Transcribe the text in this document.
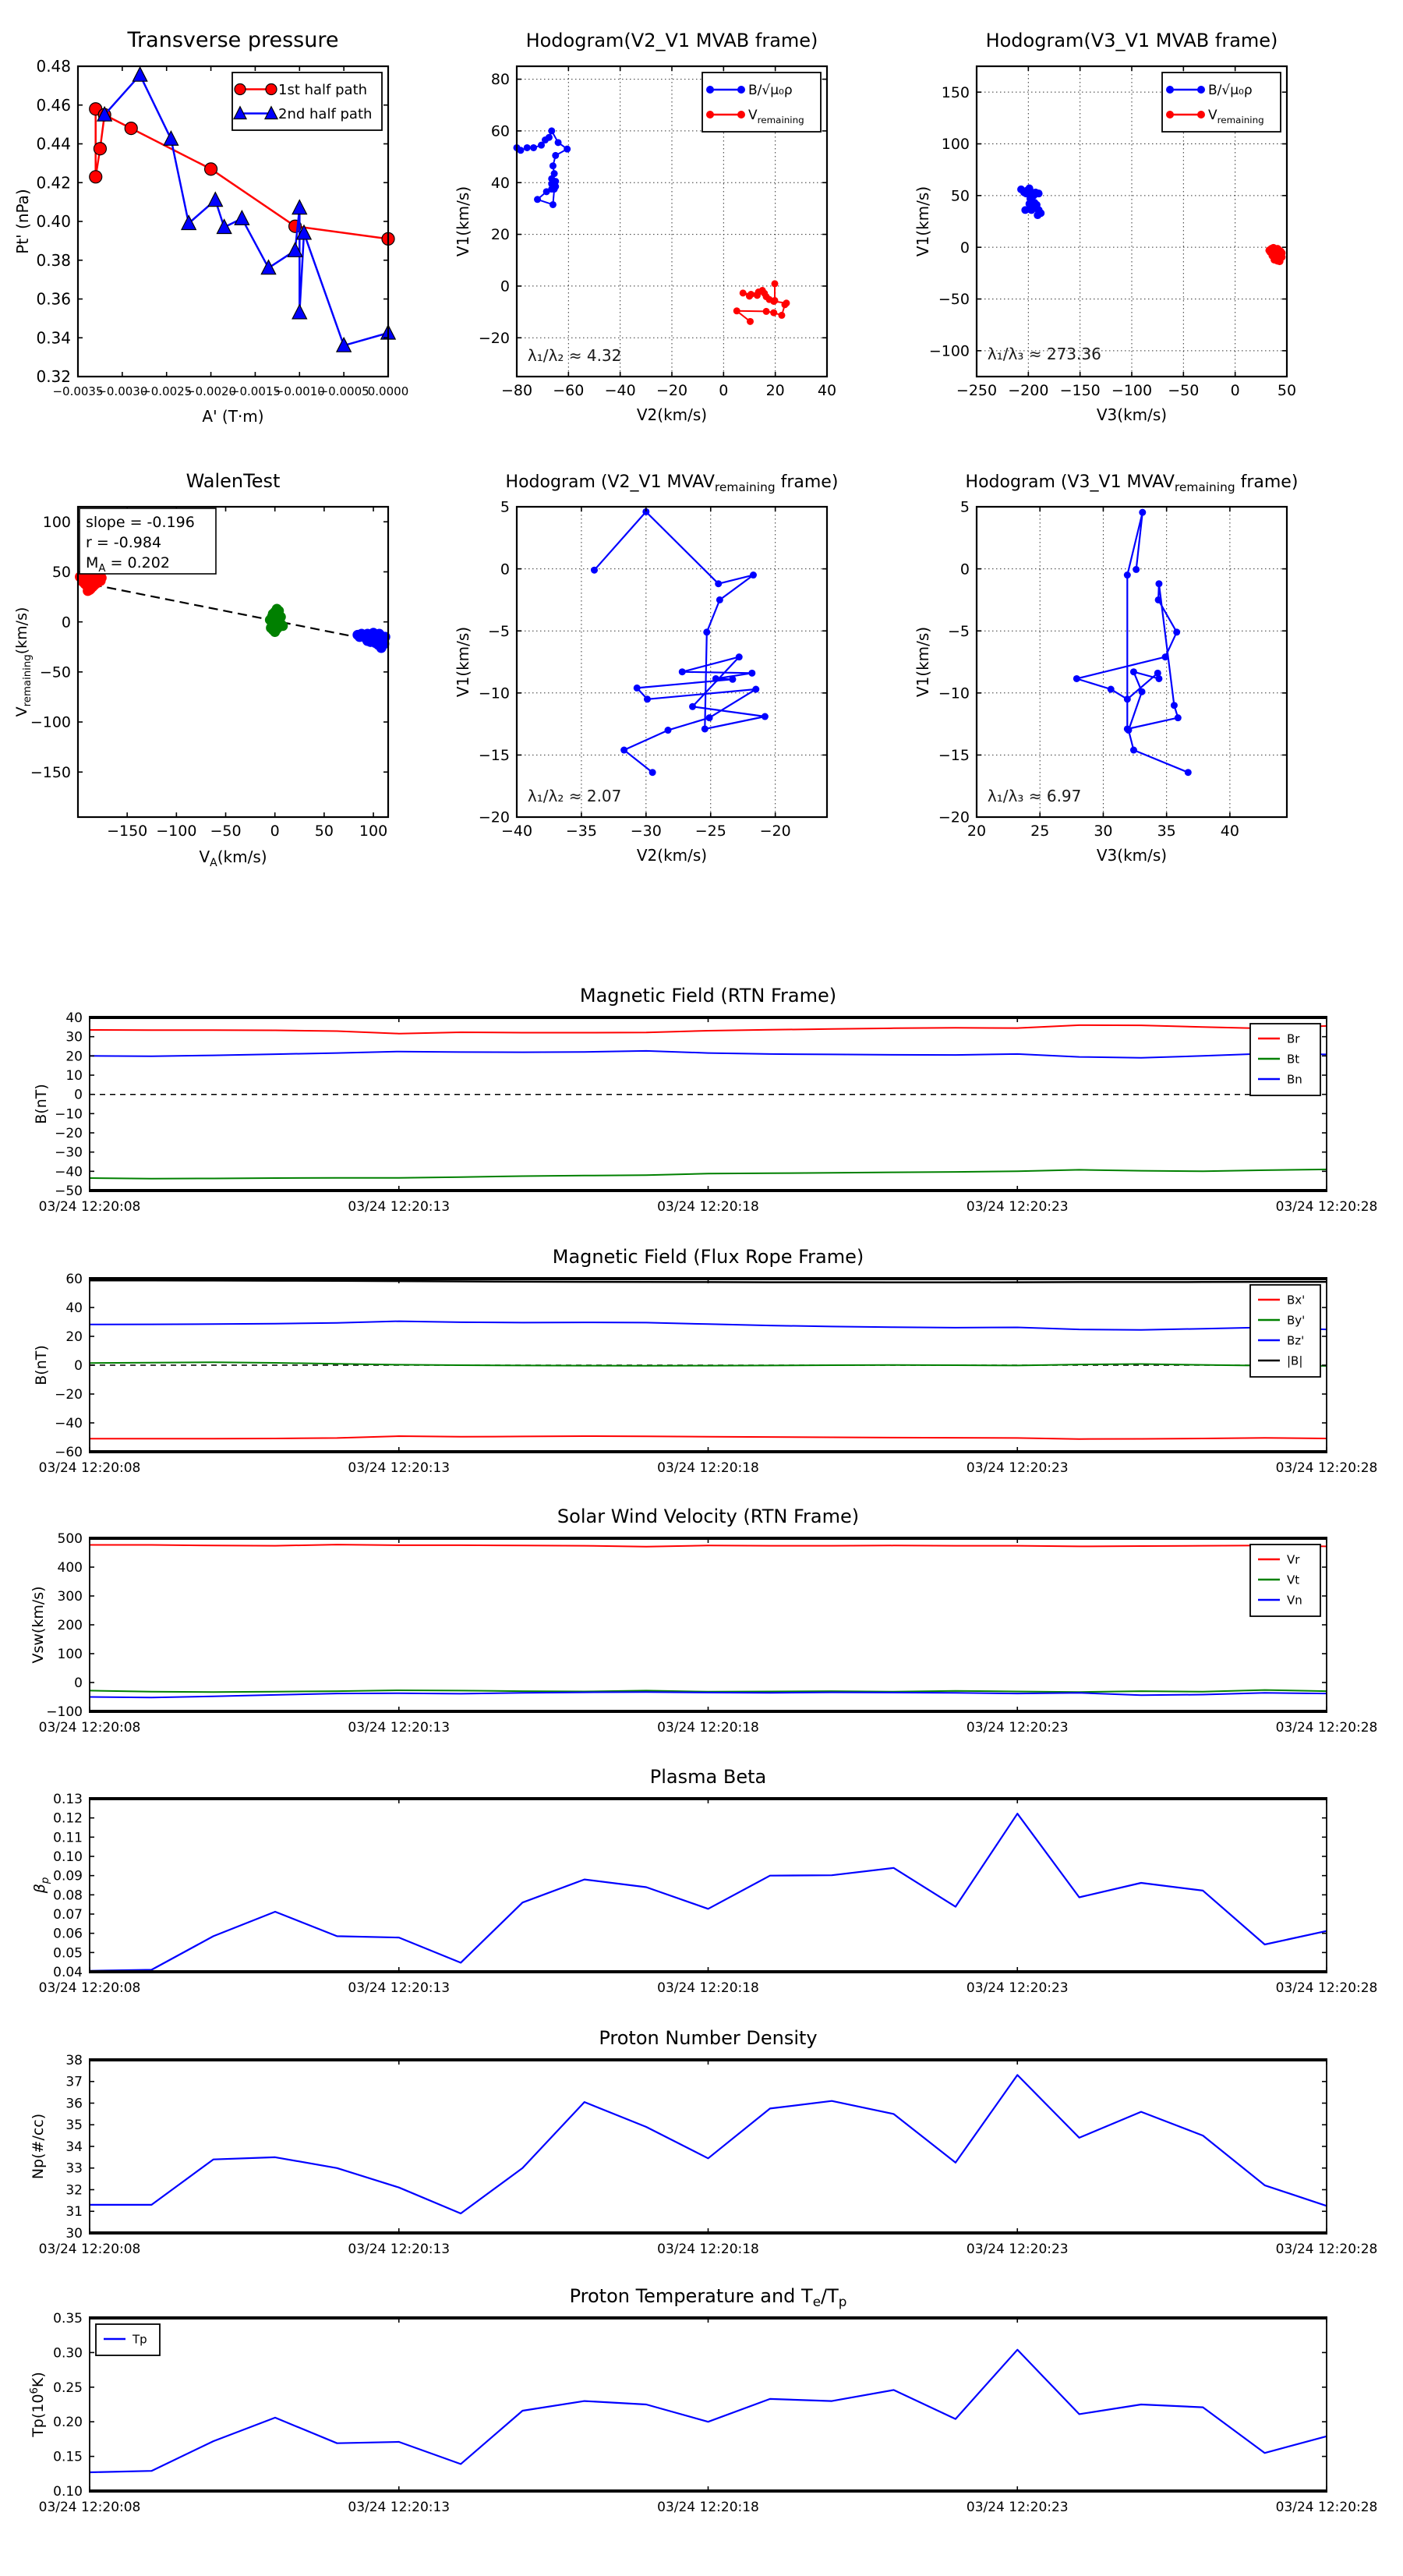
−0.0035
−0.0030
−0.0025
−0.0020
−0.0015
−0.0010
−0.0005
0.0000
0.32
0.34
0.36
0.38
0.40
0.42
0.44
0.46
0.48
Transverse pressure
A' (T·m)
Pt' (nPa)
1st half path
2nd half path
−80 −60 −40 −20 0	20 40
−20
0
20
40
60
80
Hodogram(V2_V1 MVAB frame)
V2(km/s)
V1(km/s)
λ₁/λ₂ ≈ 4.32
B/√μ₀ρ
$V_{remaining}$
−250 −200 −150 −100 −50 0	50
−100
−50
0
50
100
150
Hodogram(V3_V1 MVAB frame)
V3(km/s)
V1(km/s)
λ₁/λ₃ ≈ 273.36
B/√μ₀ρ
$V_{remaining}$
−150 −100 −50 0 50 100
−150
−100
−50
0
50
100
WalenTest
$V_A(km/s)$
$V_{remaining}(km/s)$
slope = -0.196
r = -0.984
$M_A = 0.202$
−40 −35 −30 −25 −20
−20
−15
−10
−5
0
5
Hodogram (V2_V1 $MVAV_{remaining}$ frame)
V2(km/s)
V1(km/s)
λ₁/λ₂ ≈ 2.07
20	25	30	35	40
−20
−15
−10
−5
0
5
Hodogram (V3_V1 $MVAV_{remaining}$ frame)
V3(km/s)
V1(km/s)
λ₁/λ₃ ≈ 6.97
03/24 12:20:08	03/24 12:20:13	03/24 12:20:18	03/24 12:20:23	03/24 12:20:28
−50
−40
−30
−20
−10
0
10
20
30
40
Magnetic Field (RTN Frame)
B(nT)
Br
Bt
Bn
03/24 12:20:08	03/24 12:20:13	03/24 12:20:18	03/24 12:20:23	03/24 12:20:28
−60
−40
−20
0
20
40
60
Magnetic Field (Flux Rope Frame)
B(nT)
Bx'
By'
Bz'
|B|
03/24 12:20:08	03/24 12:20:13	03/24 12:20:18	03/24 12:20:23	03/24 12:20:28
−100
0
100
200
300
400
500
Solar Wind Velocity (RTN Frame)
Vsw(km/s)
Vr
Vt
Vn
03/24 12:20:08	03/24 12:20:13	03/24 12:20:18	03/24 12:20:23	03/24 12:20:28
0.04
0.05
0.06
0.07
0.08
0.09
0.10
0.11
0.12
0.13
Plasma Beta
$\beta_p$
03/24 12:20:08	03/24 12:20:13	03/24 12:20:18	03/24 12:20:23	03/24 12:20:28
30
31
32
33
34
35
36
37
38
Proton Number Density
Np(#/cc)
03/24 12:20:08	03/24 12:20:13	03/24 12:20:18	03/24 12:20:23	03/24 12:20:28
0.10
0.15
0.20
0.25
0.30
0.35
Proton Temperature and $T_e/T_p$
$Tp(10^6K)$
Tp
